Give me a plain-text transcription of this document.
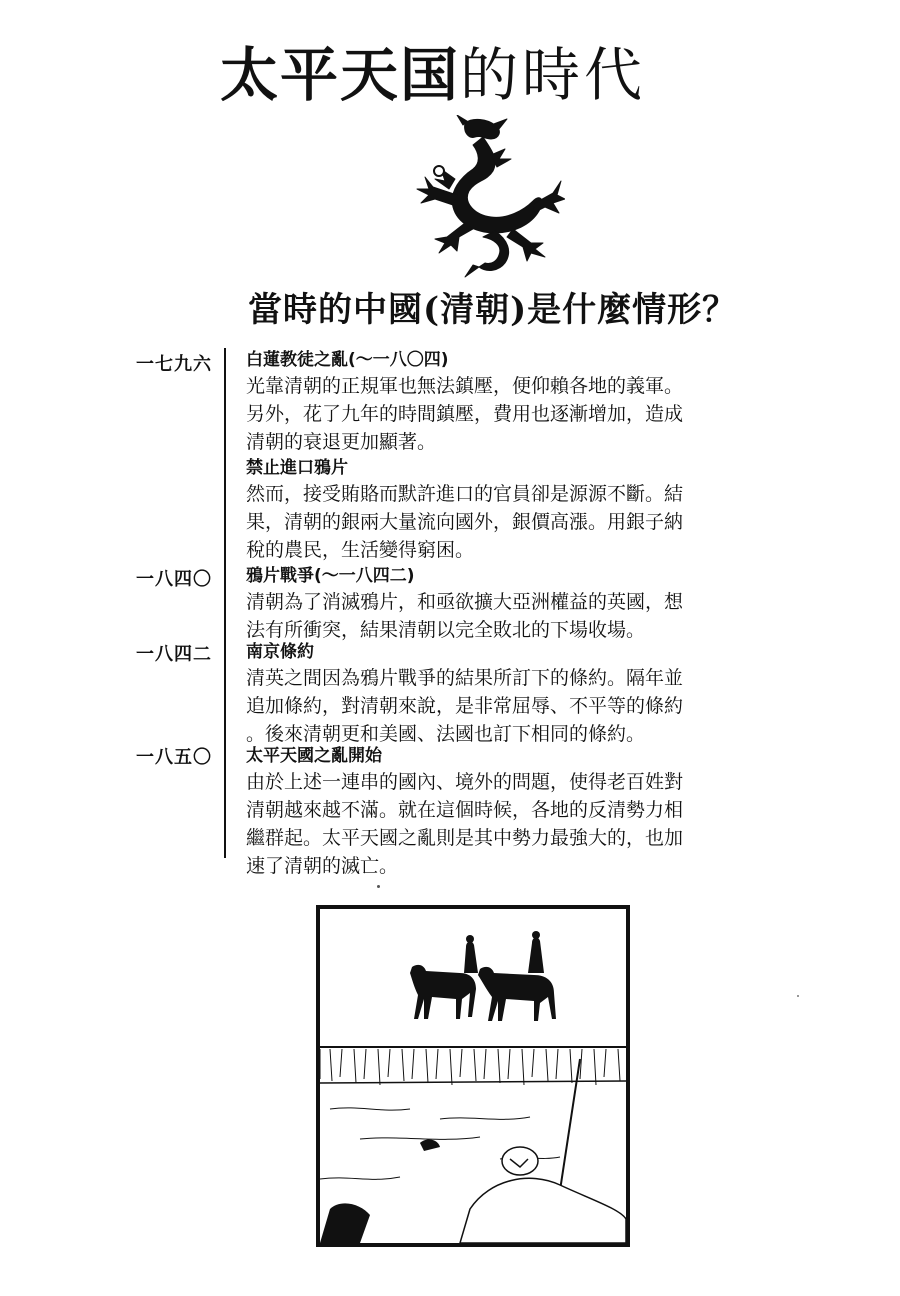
太平天国 的時代
當時的中國(清朝)是什麼情形？
一七九六
一八四〇
一八四二
一八五〇
白蓮教徒之亂(〜一八〇四)
光靠清朝的正規軍也無法鎮壓，便仰賴各地的義軍。
另外，花了九年的時間鎮壓，費用也逐漸增加，造成
清朝的衰退更加顯著。
禁止進口鴉片
然而，接受賄賂而默許進口的官員卻是源源不斷。結
果，清朝的銀兩大量流向國外，銀價高漲。用銀子納
稅的農民，生活變得窮困。
鴉片戰爭(〜一八四二)
清朝為了消滅鴉片，和亟欲擴大亞洲權益的英國，想
法有所衝突，結果清朝以完全敗北的下場收場。
南京條約
清英之間因為鴉片戰爭的結果所訂下的條約。隔年並
追加條約，對清朝來說，是非常屈辱、不平等的條約
。後來清朝更和美國、法國也訂下相同的條約。
太平天國之亂開始
由於上述一連串的國內、境外的問題，使得老百姓對
清朝越來越不滿。就在這個時候，各地的反清勢力相
繼群起。太平天國之亂則是其中勢力最強大的，也加
速了清朝的滅亡。
